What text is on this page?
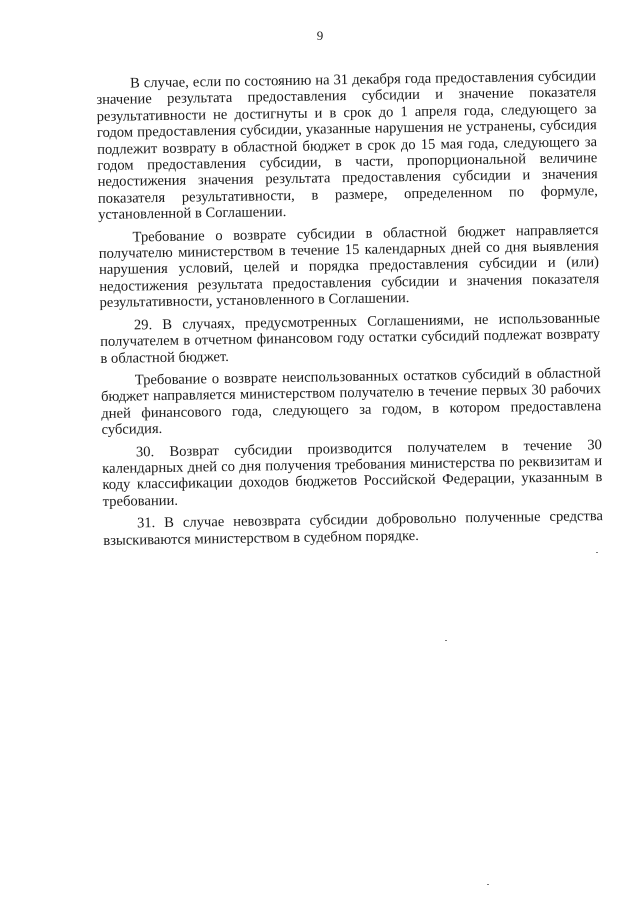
9

В случае, если по состоянию на 31 декабря года предоставления субсидии значение результата предоставления субсидии и значение показателя результативности не достигнуты и в срок до 1 апреля года, следующего за годом предоставления субсидии, указанные нарушения не устранены, субсидия подлежит возврату в областной бюджет в срок до 15 мая года, следующего за годом предоставления субсидии, в части, пропорциональной величине недостижения значения результата предоставления субсидии и значения показателя результативности, в размере, определенном по формуле, установленной в Соглашении.

Требование о возврате субсидии в областной бюджет направляется получателю министерством в течение 15 календарных дней со дня выявления нарушения условий, целей и порядка предоставления субсидии и (или) недостижения результата предоставления субсидии и значения показателя результативности, установленного в Соглашении.

29. В случаях, предусмотренных Соглашениями, не использованные получателем в отчетном финансовом году остатки субсидий подлежат возврату в областной бюджет.

Требование о возврате неиспользованных остатков субсидий в областной бюджет направляется министерством получателю в течение первых 30 рабочих дней финансового года, следующего за годом, в котором предоставлена субсидия.

30. Возврат субсидии производится получателем в течение 30 календарных дней со дня получения требования министерства по реквизитам и коду классификации доходов бюджетов Российской Федерации, указанным в требовании.

31. В случае невозврата субсидии добровольно полученные средства взыскиваются министерством в судебном порядке.
